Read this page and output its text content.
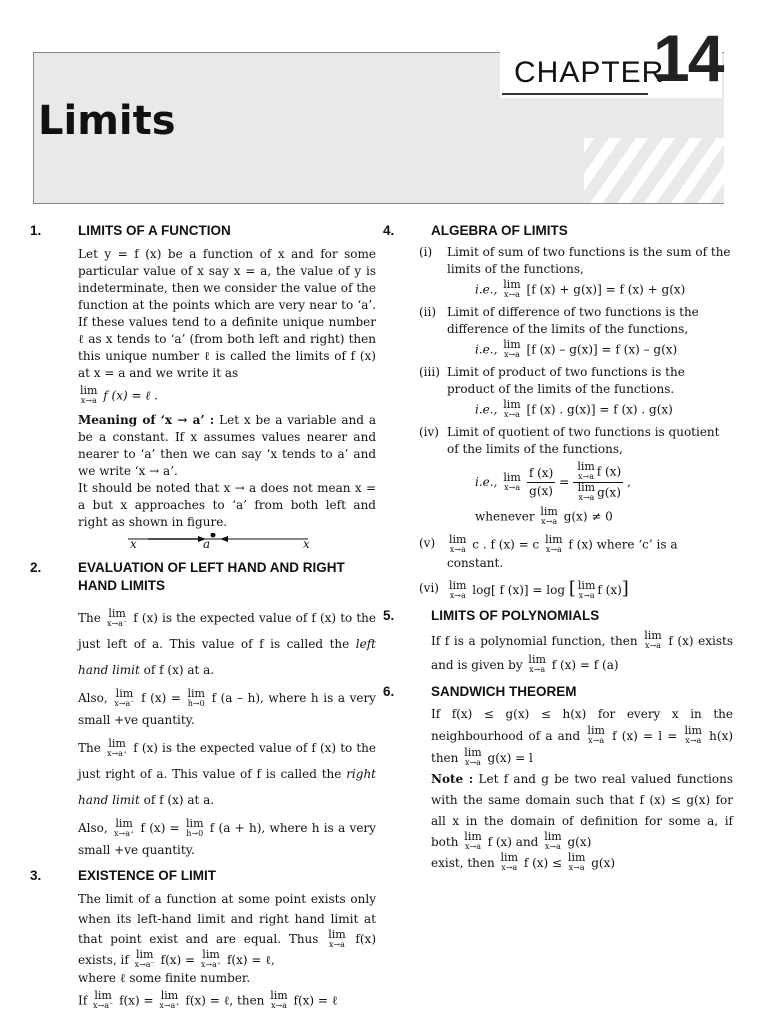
CHAPTER
14
Limits
1.	LIMITS OF A FUNCTION

Let y = f (x) be a function of x and for some particular value of x say x = a, the value of y is indeterminate, then we consider the value of the function at the points which are very near to ‘a’. If these values tend to a definite unique number ℓ as x tends to ‘a’ (from both left and right) then this unique number ℓ is called the limits of f (x) at x = a and we write it as

lim
x→a f (x) = ℓ .

Meaning of ‘x → a’ : Let x be a variable and a be a constant. If x assumes values nearer and nearer to ‘a’ then we can say ‘x tends to a’ and we write ‘x → a’.

It should be noted that x → a does not mean x = a but x approaches to ‘a’ from both left and right as shown in figure.

x	a	x
2.	EVALUATION OF LEFT HAND AND RIGHT HAND LIMITS

The lim
x→a⁻ f (x) is the expected value of f (x) to the just left of a. This value of f is called the left hand limit of f (x) at a.

Also, lim
x→a⁻ f (x) = lim
h→0 f (a – h), where h is a very small +ve quantity.

The lim
x→a⁺ f (x) is the expected value of f (x) to the just right of a. This value of f is called the right hand limit of f (x) at a.

Also, lim
x→a⁺ f (x) = lim
h→0 f (a + h), where h is a very small +ve quantity.

3.	EXISTENCE OF LIMIT

The limit of a function at some point exists only when its left-hand limit and right hand limit at that point exist and are equal. Thus lim
x→a f(x) exists, if lim
x→a⁻ f(x) = lim
x→a⁺ f(x) = ℓ,

where ℓ some finite number.

If lim
x→a⁻ f(x) = lim
x→a⁺ f(x) = ℓ, then lim
x→a f(x) = ℓ

4.	ALGEBRA OF LIMITS
(i) Limit of sum of two functions is the sum of the limits of the functions,
i.e., lim
x→a [f (x) + g(x)] = f (x) + g(x)
(ii) Limit of difference of two functions is the difference of the limits of the functions,
i.e., lim
x→a [f (x) – g(x)] = f (x) – g(x)
(iii) Limit of product of two functions is the product of the limits of the functions.
i.e., lim
x→a [f (x) . g(x)] = f (x) . g(x)
(iv) Limit of quotient of two functions is quotient of the limits of the functions,
i.e., lim
$x\to a \frac{f (x)}{g(x)} = \lim$
x→a f (x)
lim
x→a g(x) ,
whenever lim
x→a g(x) ≠ 0
(v) lim
x→a c . f (x) = c lim
x→a f (x) where ‘c’ is a constant.
(vi) lim
x→a log[ f (x)] = log [ lim
x→a f (x)]
5.	LIMITS OF POLYNOMIALS

If f is a polynomial function, then lim
x→a f (x) exists and is given by lim
x→a f (x) = f (a)

6.	SANDWICH THEOREM

If f(x) ≤ g(x) ≤ h(x) for every x in the neighbourhood of a and lim
x→a f (x) = l = lim
x→a h(x) then lim
x→a g(x) = l

Note : Let f and g be two real valued functions with the same domain such that f (x) ≤ g(x) for all x in the domain of definition for some a, if both lim
x→a f (x) and lim
x→a g(x)
exist, then lim
x→a f (x) ≤ lim
x→a g(x)
